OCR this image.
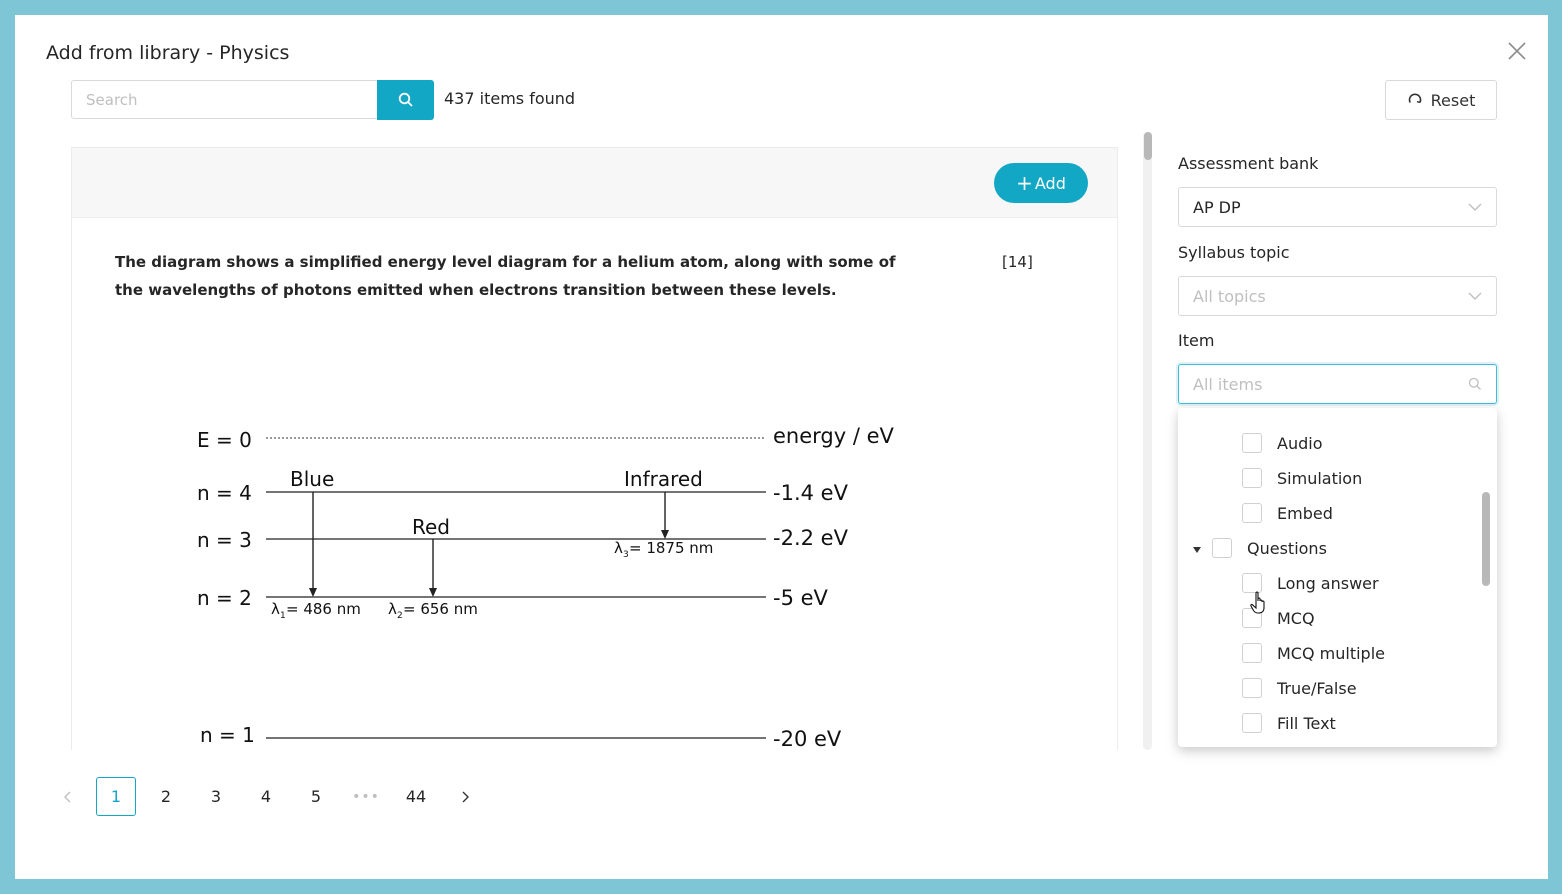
Add from library - Physics
Search
437 items found	Reset
+ Add
The diagram shows a simplified energy level diagram for a helium atom, along with some of the wavelengths of photons emitted when electrons transition between these levels.
[14]
E = 0
n = 4
n = 3
n = 2
n = 1
energy / eV
-1.4 eV
-2.2 eV
-5 eV
-20 eV
Blue
Red
Infrared
λ 1 = 486 nm λ 2 = 656 nm
λ 3 = 1875 nm
Assessment bank
AP DP
Syllabus topic
All topics
Item
All items
Audio
Simulation
Embed
Questions
Long answer
MCQ
MCQ multiple
True/False
Fill Text
1	2	3	4	5	•••	44
